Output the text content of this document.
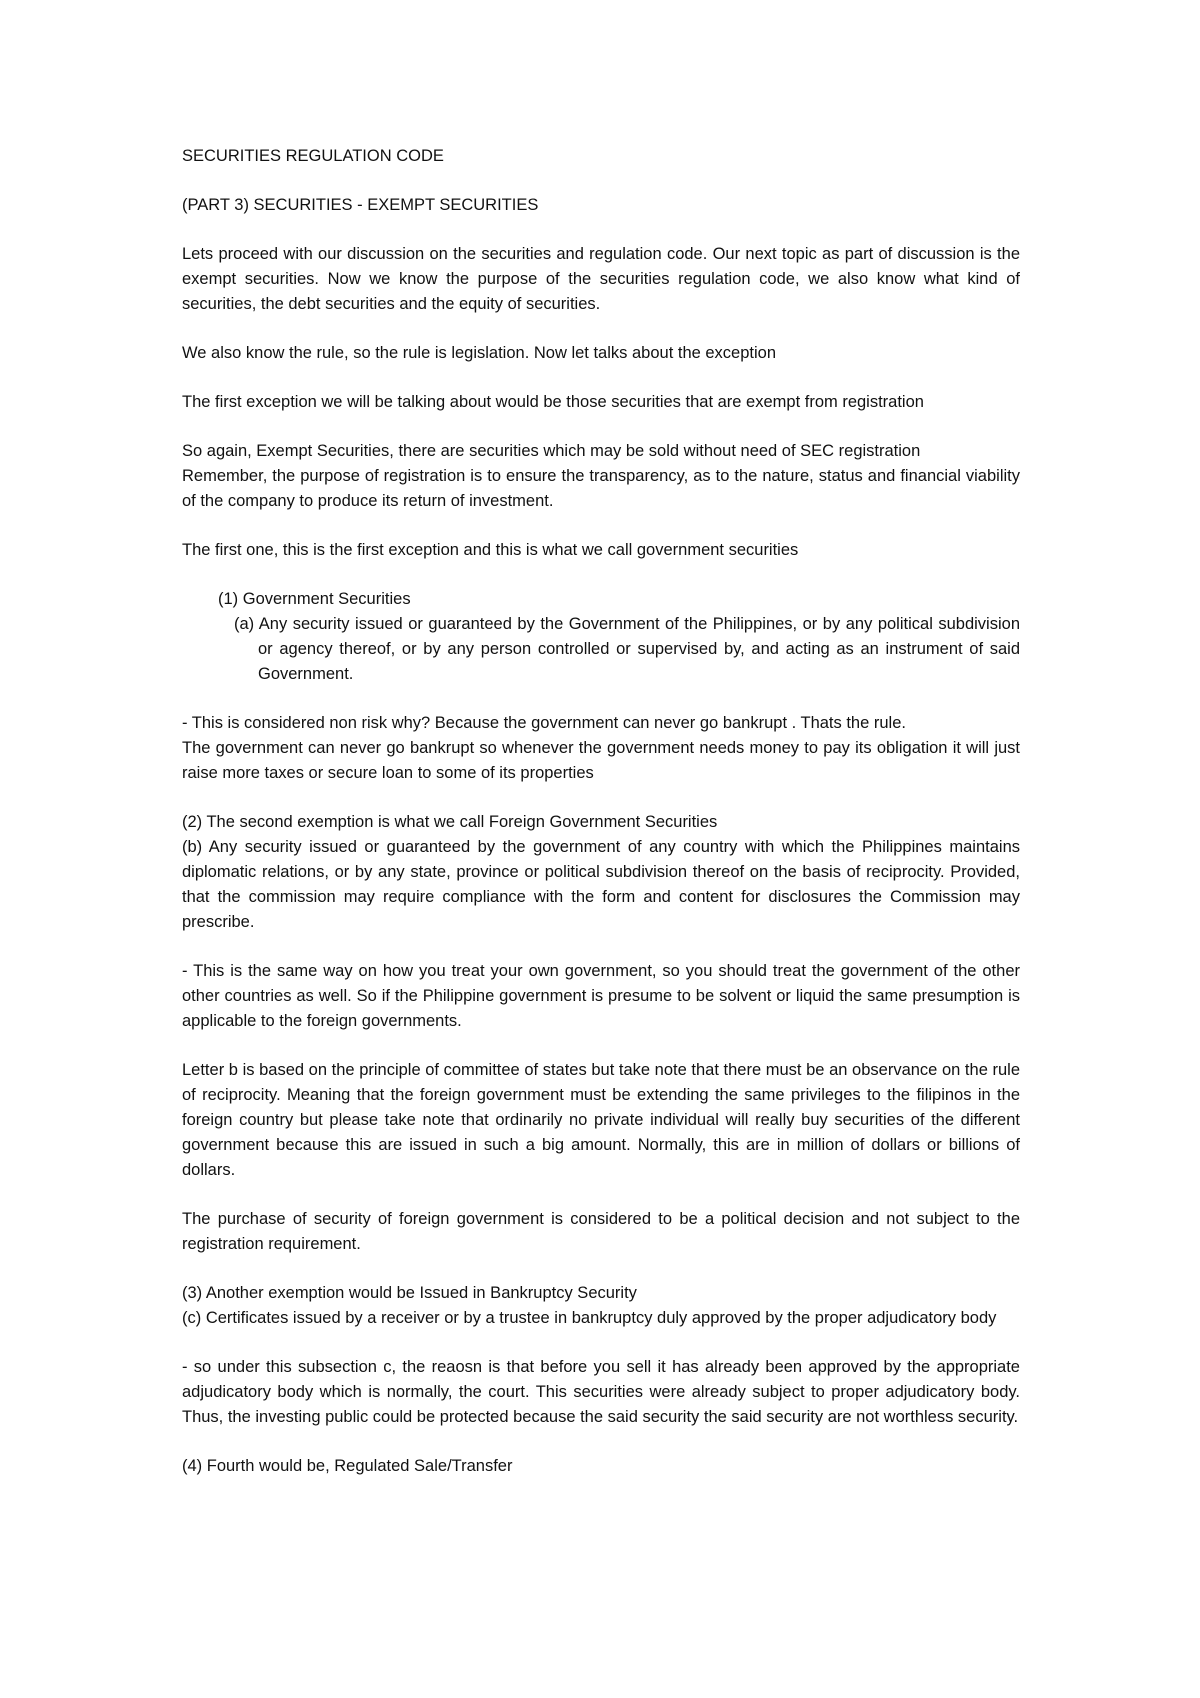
SECURITIES REGULATION CODE

(PART 3) SECURITIES - EXEMPT SECURITIES

Lets proceed with our discussion on the securities and regulation code. Our next topic as part of discussion is the exempt securities. Now we know the purpose of the securities regulation code, we also know what kind of securities, the debt securities and the equity of securities.

We also know the rule, so the rule is legislation. Now let talks about the exception

The first exception we will be talking about would be those securities that are exempt from registration

So again, Exempt Securities, there are securities which may be sold without need of SEC registration
Remember, the purpose of registration is to ensure the transparency, as to the nature, status and financial viability of the company to produce its return of investment.

The first one, this is the first exception and this is what we call government securities

(1) Government Securities
(a) Any security issued or guaranteed by the Government of the Philippines, or by any political subdivision or agency thereof, or by any person controlled or supervised by, and acting as an instrument of said Government.
- This is considered non risk why? Because the government can never go bankrupt . Thats the rule.
The government can never go bankrupt so whenever the government needs money to pay its obligation it will just raise more taxes or secure loan to some of its properties
(2) The second exemption is what we call Foreign Government Securities
(b) Any security issued or guaranteed by the government of any country with which the Philippines maintains diplomatic relations, or by any state, province or political subdivision thereof on the basis of reciprocity. Provided, that the commission may require compliance with the form and content for disclosures the Commission may prescribe.

- This is the same way on how you treat your own government, so you should treat the government of the other other countries as well. So if the Philippine government is presume to be solvent or liquid the same presumption is applicable to the foreign governments.

Letter b is based on the principle of committee of states but take note that there must be an observance on the rule of reciprocity. Meaning that the foreign government must be extending the same privileges to the filipinos in the foreign country but please take note that ordinarily no private individual will really buy securities of the different government because this are issued in such a big amount. Normally, this are in million of dollars or billions of dollars.

The purchase of security of foreign government is considered to be a political decision and not subject to the registration requirement.

(3) Another exemption would be Issued in Bankruptcy Security
(c) Certificates issued by a receiver or by a trustee in bankruptcy duly approved by the proper adjudicatory body

- so under this subsection c, the reaosn is that before you sell it has already been approved by the appropriate adjudicatory body which is normally, the court. This securities were already subject to proper adjudicatory body. Thus, the investing public could be protected because the said security the said security are not worthless security.

(4) Fourth would be, Regulated Sale/Transfer
